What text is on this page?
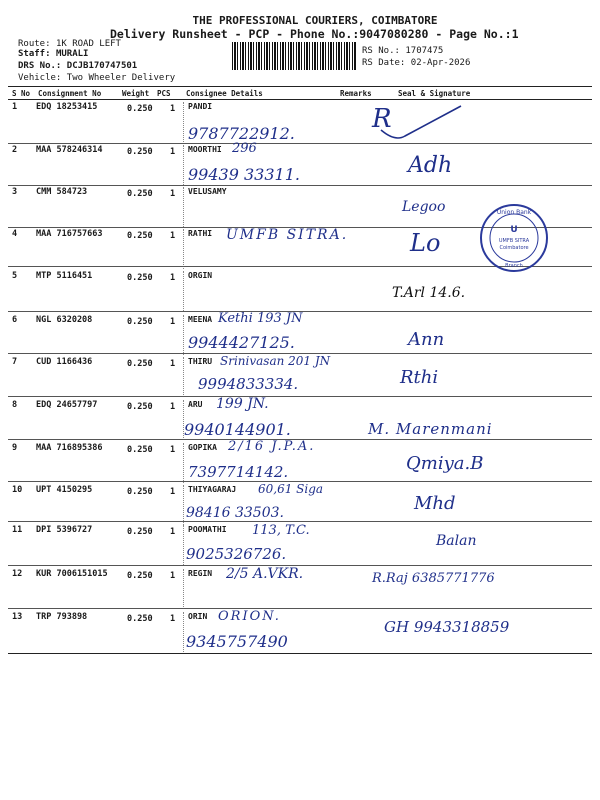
THE PROFESSIONAL COURIERS, COIMBATORE
Delivery Runsheet - PCP - Phone No.:9047080280 - Page No.:1
Route: 1K ROAD LEFT
Staff: MURALI
DRS No.: DCJB170747501
Vehicle: Two Wheeler Delivery
RS No.: 1707475
RS Date: 02-Apr-2026
S No Consignment No	Weight PCS Consignee Details	Remarks	Seal & Signature
1 EDQ 18253415	0.250 1 PANDI
9787722912.	R
2 MAA 578246314	0.250 1 MOORTHI 296
99439 33311.	Adh
3 CMM 584723	0.250 1 VELUSAMY
Legoo
4 MAA 716757663	0.250 1 RATHI UMFB SITRA.	Lo
5 MTP 5116451	0.250 1 ORGIN
T.Arl 14.6.
6 NGL 6320208	0.250 1 MEENA Kethi 193 JN
9944427125.	Ann
7 CUD 1166436	0.250 1 THIRU Srinivasan 201 JN
9994833334.	Rthi
8 EDQ 24657797	0.250 1 ARU 199 JN.
9940144901.	M. Marenmani
9 MAA 716895386	0.250 1 GOPIKA 2/16 J.P.A.
7397714142.	Qmiya.B
10 UPT 4150295	0.250 1 THIYAGARAJ 60,61 Siga
98416 33503.	Mhd
11 DPI 5396727	0.250 1 POOMATHI 113, T.C.
9025326726.
Balan
12 KUR 7006151015 0.250 1 REGIN 2/5 A.VKR.	R.Raj 6385771776
13 TRP 793898	0.250 1 ORIN ORION.
9345757490
GH 9943318859
Union Bank
U
UMFB SITRA
Coimbatore
Branch
